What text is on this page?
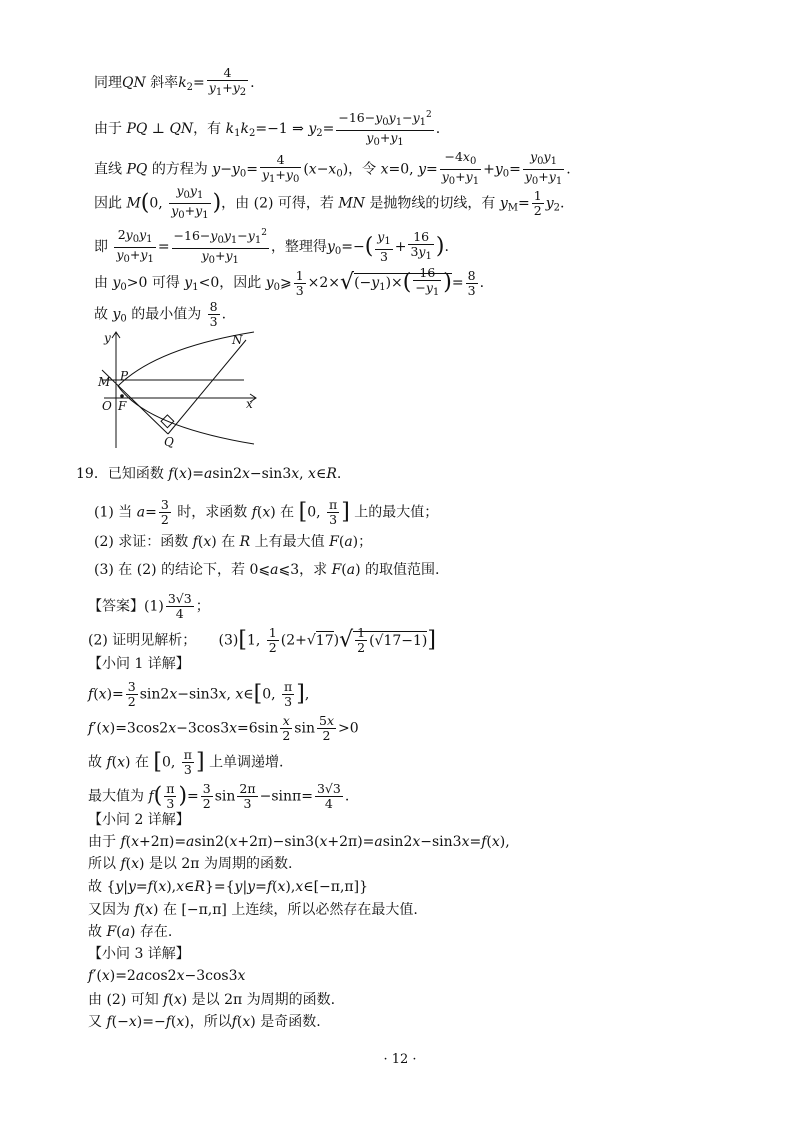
同理QN 斜率$k_2= \frac{4}{y_1+y_2}$ .
由于 PQ ⊥ QN，有 $k_1k_2=-1$ ⇒ $y_2= \frac{-16-y_0y_1-y_1^2}{y_0+y_1}$ .
直线 PQ 的方程为 $y-y_0= \frac{4}{y_1+y_0} (x-x_0)$，令 x=0, $y= \frac{-4x_0}{y_0+y_1} +y_0= \frac{y_0y_1}{y_0+y_1}$ .
因此 M(0, $\frac{y_0y_1}{y_0+y_1}$ )，由 (2) 可得，若 MN 是抛物线的切线，有 $y_M= \frac{1}{2} y_2$.
即 $\frac{2y_0y_1}{y_0+y_1} = \frac{-16-y_0y_1-y_1^2}{y_0+y_1}$ ，整理得$y_0=-( \frac{y_1}{3} + \frac{16}{3y_1}$ ).
由 $y_0>0$ 可得 $y_1<0$，因此 $y_0⩾ \frac{1}{3} \times 2\times√(-y_1)\times( \frac{16}{-y_1}$ )= $\frac{8}{3}$ .
故 $y_0$ 的最小值为 $\frac{8}{3}$ .
y	N
M P
O F	x
Q
19．已知函数 f(x)=asin2x−sin3x, x∈R.
(1) 当 $a= \frac{3}{2}$ 时，求函数 f(x) 在 [0, $\frac{\pi}{3}$ ] 上的最大值；
(2) 求证：函数 f(x) 在 R 上有最大值 F(a)；
(3) 在 (2) 的结论下，若 0⩽a⩽3，求 F(a) 的取值范围.
【答案】$(1) \frac{3√3}{4}$ ；
(2) 证明见解析； (3)[1, $\frac{1}{2} (2+√17)√ \frac{1}{2} (√17-1)$]
【小问 1 详解】
$f(x)= \frac{3}{2} \sin 2x-\sin 3x$, x∈[0, $\frac{\pi}{3}$ ],
$f'(x)=3\cos 2x-3\cos 3x=6\sin \frac{x}{2}$ $\sin \frac{5x}{2} >0$
故 f(x) 在 [0, $\frac{\pi}{3}$ ] 上单调递增.
最大值为 $f( \frac{\pi}{3}$ )= $\frac{3}{2}$ $\sin \frac{2\pi}{3} -\sin\pi= \frac{3√3}{4}$ .
【小问 2 详解】
由于 f(x+2π)=asin2(x+2π)−sin3(x+2π)=asin2x−sin3x=f(x),
所以 f(x) 是以 2π 为周期的函数.
故 {y|y=f(x),x∈R}={y|y=f(x),x∈[−π,π]}
又因为 f(x) 在 [−π,π] 上连续，所以必然存在最大值.
故 F(a) 存在.
【小问 3 详解】
f′(x)=2acos2x−3cos3x
由 (2) 可知 f(x) 是以 2π 为周期的函数.
又 f(−x)=−f(x)，所以f(x) 是奇函数.
· 12 ·
